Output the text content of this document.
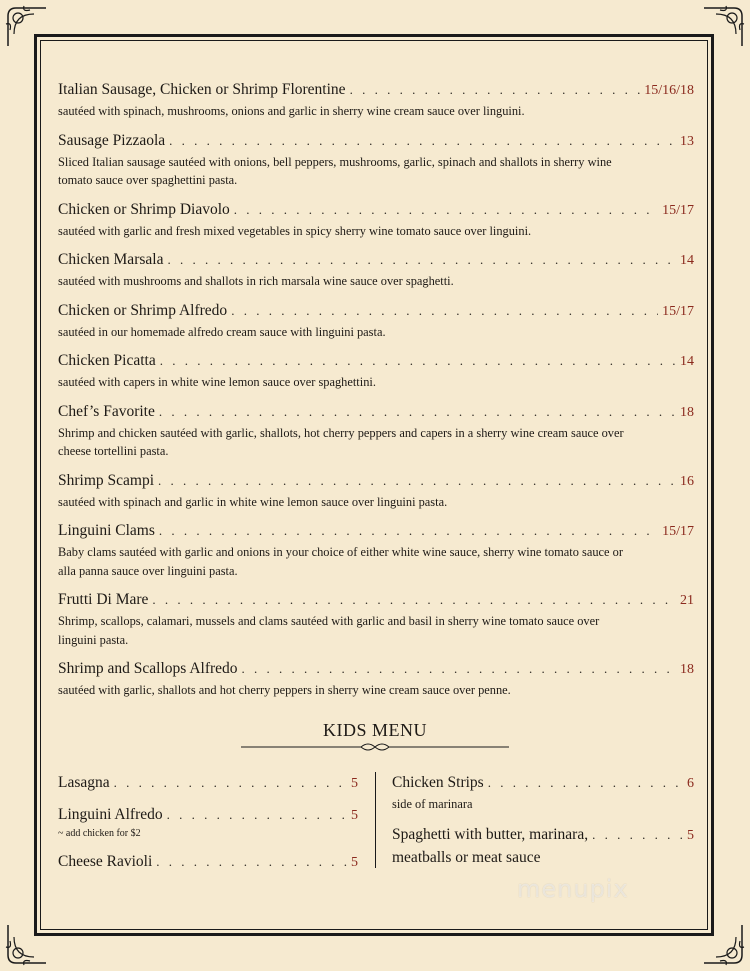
Italian Sausage, Chicken or Shrimp Florentine . . .	15/16/18
sautéed with spinach, mushrooms, onions and garlic in sherry wine cream sauce over linguini.
Sausage Pizzaola . . .	13
Sliced Italian sausage sautéed with onions, bell peppers, mushrooms, garlic, spinach and shallots in sherry wine tomato sauce over spaghettini pasta.
Chicken or Shrimp Diavolo . . .	15/17
sautéed with garlic and fresh mixed vegetables in spicy sherry wine tomato sauce over linguini.
Chicken Marsala . . .	14
sautéed with mushrooms and shallots in rich marsala wine sauce over spaghetti.
Chicken or Shrimp Alfredo . . .	15/17
sautéed in our homemade alfredo cream sauce with linguini pasta.
Chicken Picatta . . .	14
sautéed with capers in white wine lemon sauce over spaghettini.
Chef’s Favorite . . .	18
Shrimp and chicken sautéed with garlic, shallots, hot cherry peppers and capers in a sherry wine cream sauce over cheese tortellini pasta.
Shrimp Scampi . . .	16
sautéed with spinach and garlic in white wine lemon sauce over linguini pasta.
Linguini Clams . . .	15/17
Baby clams sautéed with garlic and onions in your choice of either white wine sauce, sherry wine tomato sauce or alla panna sauce over linguini pasta.
Frutti Di Mare . . .	21
Shrimp, scallops, calamari, mussels and clams sautéed with garlic and basil in sherry wine tomato sauce over linguini pasta.
Shrimp and Scallops Alfredo . . .	18
sautéed with garlic, shallots and hot cherry peppers in sherry wine cream sauce over penne.
KIDS MENU
Lasagna . . .	5
Linguini Alfredo . . .	5
~ add chicken for $2
Cheese Ravioli . . .	5
Chicken Strips . . .	6
side of marinara
Spaghetti with butter, marinara, . . .	5
meatballs or meat sauce
menupix
